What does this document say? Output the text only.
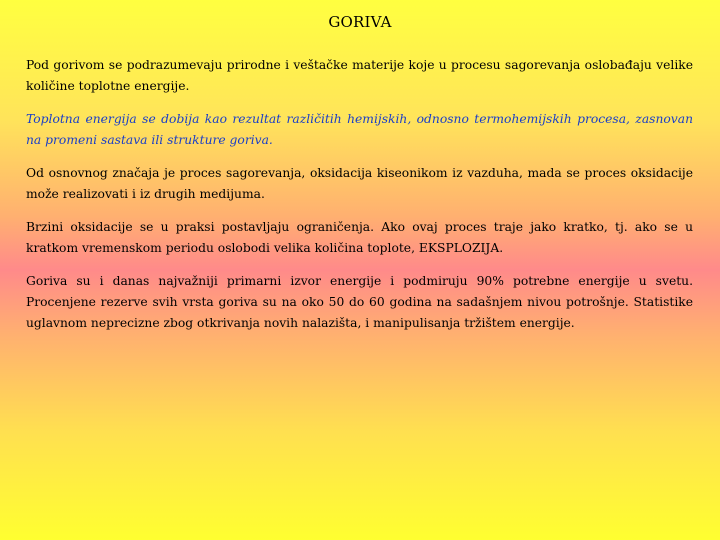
GORIVA

Pod gorivom se podrazumevaju prirodne i veštačke materije koje u procesu sagorevanja oslobađaju velike količine toplotne energije.

Toplotna energija se dobija kao rezultat različitih hemijskih, odnosno termohemijskih procesa, zasnovan na promeni sastava ili strukture goriva.

Od osnovnog značaja je proces sagorevanja, oksidacija kiseonikom iz vazduha, mada se proces oksidacije može realizovati i iz drugih medijuma.

Brzini oksidacije se u praksi postavljaju ograničenja. Ako ovaj proces traje jako kratko, tj. ako se u kratkom vremenskom periodu oslobodi velika količina toplote, EKSPLOZIJA.

Goriva su i danas najvažniji primarni izvor energije i podmiruju 90% potrebne energije u svetu. Procenjene rezerve svih vrsta goriva su na oko 50 do 60 godina na sadašnjem nivou potrošnje. Statistike uglavnom neprecizne zbog otkrivanja novih nalazišta, i manipulisanja tržištem energije.
